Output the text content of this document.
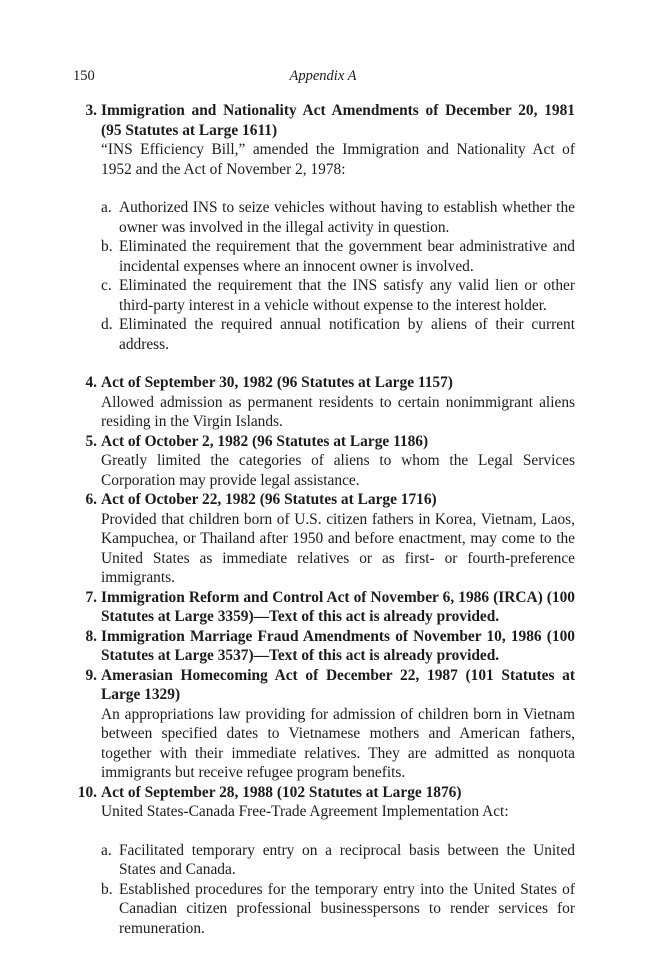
150	Appendix A
3. Immigration and Nationality Act Amendments of December 20, 1981 (95 Statutes at Large 1611)
“INS Efficiency Bill,” amended the Immigration and Nationality Act of 1952 and the Act of November 2, 1978:
a. Authorized INS to seize vehicles without having to establish whether the owner was involved in the illegal activity in question.
b. Eliminated the requirement that the government bear administrative and incidental expenses where an innocent owner is involved.
c. Eliminated the requirement that the INS satisfy any valid lien or other third-party interest in a vehicle without expense to the interest holder.
d. Eliminated the required annual notification by aliens of their current address.
4. Act of September 30, 1982 (96 Statutes at Large 1157)
Allowed admission as permanent residents to certain nonimmigrant aliens residing in the Virgin Islands.
5. Act of October 2, 1982 (96 Statutes at Large 1186)
Greatly limited the categories of aliens to whom the Legal Services Corporation may provide legal assistance.
6. Act of October 22, 1982 (96 Statutes at Large 1716)
Provided that children born of U.S. citizen fathers in Korea, Vietnam, Laos, Kampuchea, or Thailand after 1950 and before enactment, may come to the United States as immediate relatives or as first- or fourth-preference immigrants.
7. Immigration Reform and Control Act of November 6, 1986 (IRCA) (100 Statutes at Large 3359)—Text of this act is already provided.
8. Immigration Marriage Fraud Amendments of November 10, 1986 (100 Statutes at Large 3537)—Text of this act is already provided.
9. Amerasian Homecoming Act of December 22, 1987 (101 Statutes at Large 1329)
An appropriations law providing for admission of children born in Vietnam between specified dates to Vietnamese mothers and American fathers, together with their immediate relatives. They are admitted as nonquota immigrants but receive refugee program benefits.
10. Act of September 28, 1988 (102 Statutes at Large 1876)
United States-Canada Free-Trade Agreement Implementation Act:
a. Facilitated temporary entry on a reciprocal basis between the United States and Canada.
b. Established procedures for the temporary entry into the United States of Canadian citizen professional businesspersons to render services for remuneration.
